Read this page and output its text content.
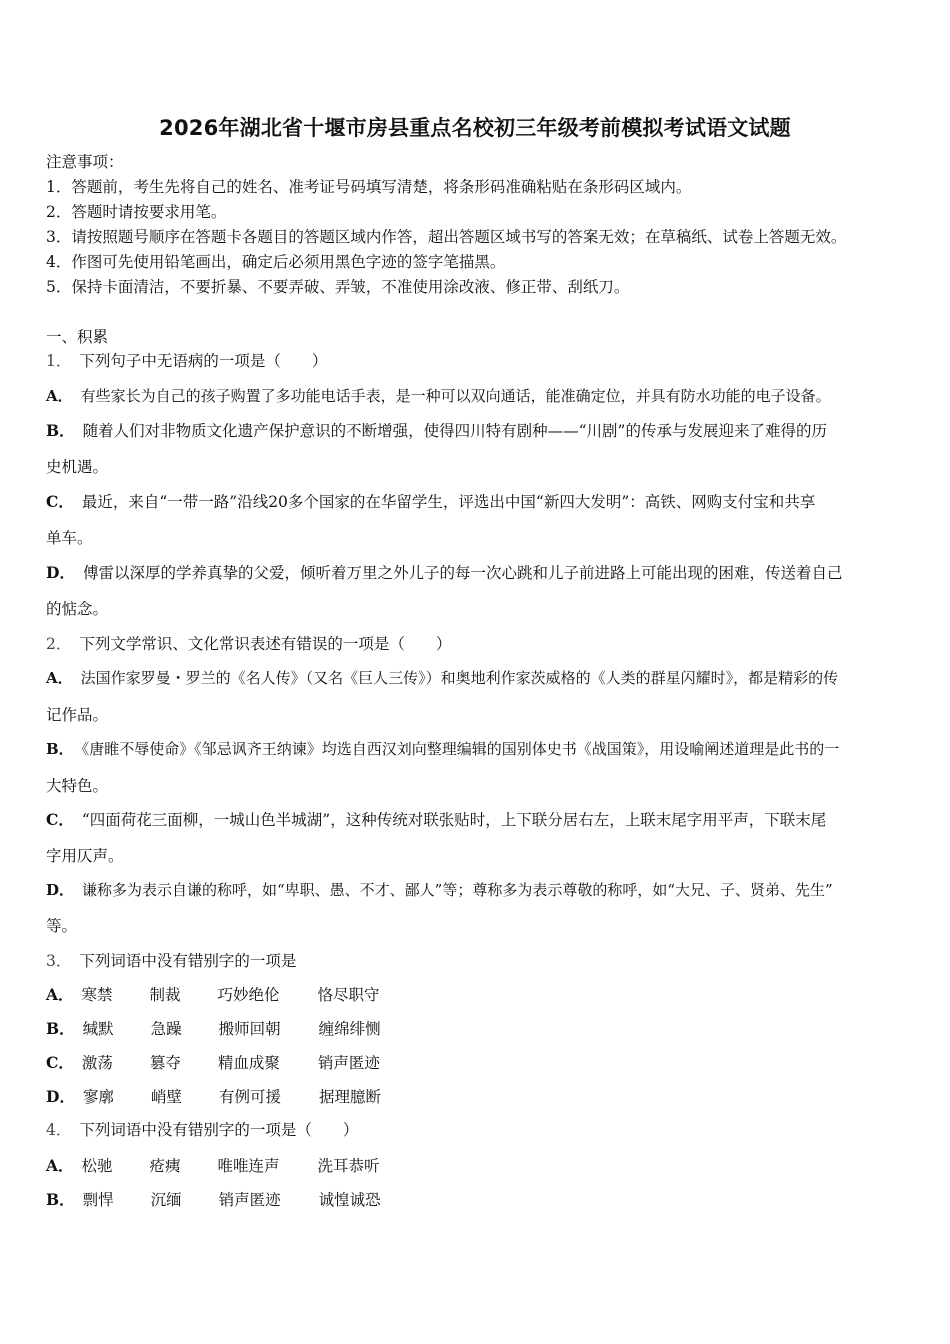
2026年湖北省十堰市房县重点名校初三年级考前模拟考试语文试题
注意事项：
1．答题前，考生先将自己的姓名、准考证号码填写清楚，将条形码准确粘贴在条形码区域内。
2．答题时请按要求用笔。
3．请按照题号顺序在答题卡各题目的答题区域内作答，超出答题区域书写的答案无效；在草稿纸、试卷上答题无效。
4．作图可先使用铅笔画出，确定后必须用黑色字迹的签字笔描黑。
5．保持卡面清洁，不要折暴、不要弄破、弄皱，不准使用涂改液、修正带、刮纸刀。
一、积累
1． 下列句子中无语病的一项是（　　）
A． 有些家长为自己的孩子购置了多功能电话手表，是一种可以双向通话，能准确定位，并具有防水功能的电子设备。
B． 随着人们对非物质文化遗产保护意识的不断增强，使得四川特有剧种——“川剧”的传承与发展迎来了难得的历
史机遇。
C． 最近，来自“一带一路”沿线20多个国家的在华留学生，评选出中国“新四大发明”：高铁、网购支付宝和共享
单车。
D． 傅雷以深厚的学养真挚的父爱，倾听着万里之外儿子的每一次心跳和儿子前进路上可能出现的困难，传送着自己
的惦念。
2． 下列文学常识、文化常识表述有错误的一项是（　　）
A． 法国作家罗曼・罗兰的《名人传》（又名《巨人三传》）和奥地利作家茨威格的《人类的群星闪耀时》，都是精彩的传
记作品。
B． 《唐睢不辱使命》《邹忌讽齐王纳谏》均选自西汉刘向整理编辑的国别体史书《战国策》，用设喻阐述道理是此书的一
大特色。
C． “四面荷花三面柳，一城山色半城湖”，这种传统对联张贴时，上下联分居右左，上联末尾字用平声，下联末尾
字用仄声。
D． 谦称多为表示自谦的称呼，如“卑职、愚、不才、鄙人”等；尊称多为表示尊敬的称呼，如“大兄、子、贤弟、先生”
等。
3． 下列词语中没有错别字的一项是
A． 寒禁 制裁 巧妙绝伦 恪尽职守
B． 缄默 急躁 搬师回朝 缠绵绯恻
C． 激荡 篡夺 精血成聚 销声匿迹
D． 寥廓 峭壁 有例可援 据理臆断
4． 下列词语中没有错别字的一项是（　　）
A． 松驰 疮痍 唯唯连声 洗耳恭听
B． 剽悍 沉缅 销声匿迹 诚惶诚恐
